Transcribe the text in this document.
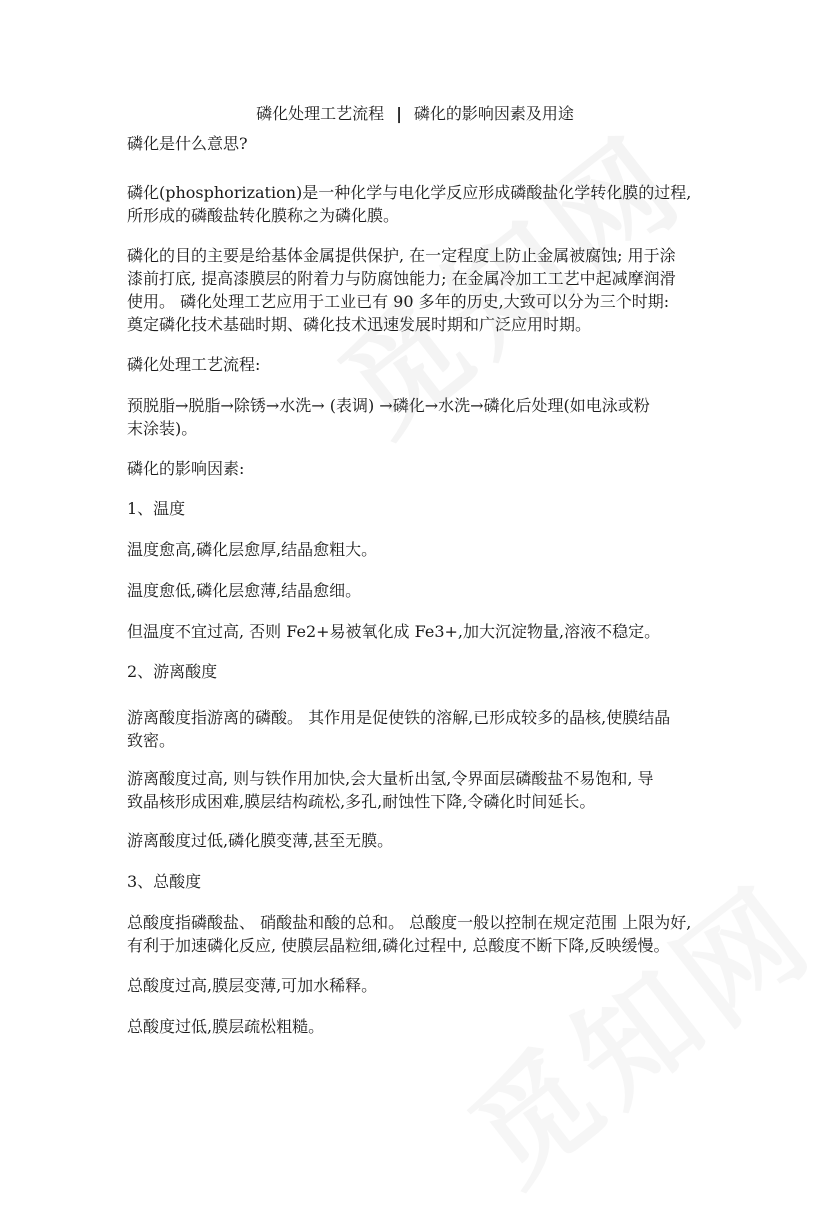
磷化处理工艺流程 | 磷化的影响因素及用途
磷化是什么意思?
磷化(phosphorization)是一种化学与电化学反应形成磷酸盐化学转化膜的过程,
所形成的磷酸盐转化膜称之为磷化膜。
磷化的目的主要是给基体金属提供保护, 在一定程度上防止金属被腐蚀; 用于涂
漆前打底, 提高漆膜层的附着力与防腐蚀能力; 在金属冷加工工艺中起减摩润滑
使用。 磷化处理工艺应用于工业已有 90 多年的历史,大致可以分为三个时期:
奠定磷化技术基础时期、磷化技术迅速发展时期和广泛应用时期。
磷化处理工艺流程:
预脱脂→脱脂→除锈→水洗→ (表调) →磷化→水洗→磷化后处理(如电泳或粉
末涂装)。
磷化的影响因素:
1、温度
温度愈高,磷化层愈厚,结晶愈粗大。
温度愈低,磷化层愈薄,结晶愈细。
但温度不宜过高, 否则 Fe2+易被氧化成 Fe3+,加大沉淀物量,溶液不稳定。
2、游离酸度
游离酸度指游离的磷酸。 其作用是促使铁的溶解,已形成较多的晶核,使膜结晶
致密。
游离酸度过高, 则与铁作用加快,会大量析出氢,令界面层磷酸盐不易饱和, 导
致晶核形成困难,膜层结构疏松,多孔,耐蚀性下降,令磷化时间延长。
游离酸度过低,磷化膜变薄,甚至无膜。
3、总酸度
总酸度指磷酸盐、 硝酸盐和酸的总和。 总酸度一般以控制在规定范围 上限为好,
有利于加速磷化反应, 使膜层晶粒细,磷化过程中, 总酸度不断下降,反映缓慢。
总酸度过高,膜层变薄,可加水稀释。
总酸度过低,膜层疏松粗糙。
